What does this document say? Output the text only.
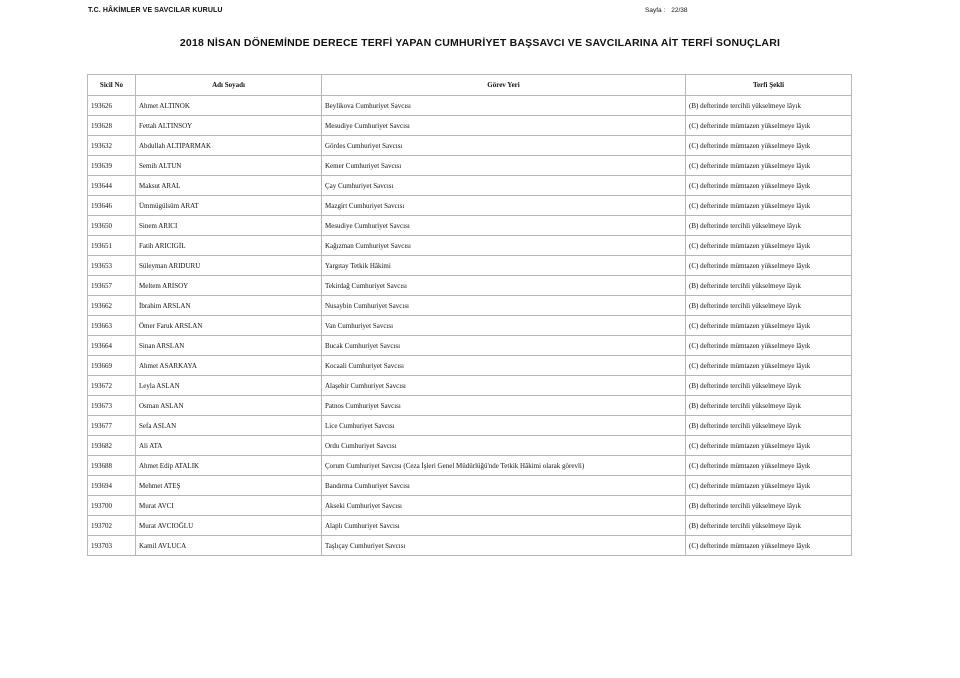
T.C. HÂKİMLER VE SAVCILAR KURULU	Sayfa : 22/38
2018 NİSAN DÖNEMİNDE DERECE TERFİ YAPAN CUMHURİYET BAŞSAVCI VE SAVCILARINA AİT TERFİ SONUÇLARI
Sicil No	Adı Soyadı	Görev Yeri	Terfi Şekli
193626	Ahmet ALTINOK	Beylikova Cumhuriyet Savcısı	(B) defterinde tercihli yükselmeye lâyık
193628	Fettah ALTINSOY	Mesudiye Cumhuriyet Savcısı	(C) defterinde mümtazen yükselmeye lâyık
193632	Abdullah ALTIPARMAK	Gördes Cumhuriyet Savcısı	(C) defterinde mümtazen yükselmeye lâyık
193639	Semih ALTUN	Kemer Cumhuriyet Savcısı	(C) defterinde mümtazen yükselmeye lâyık
193644	Maksut ARAL	Çay Cumhuriyet Savcısı	(C) defterinde mümtazen yükselmeye lâyık
193646	Ümmügülsüm ARAT	Mazgirt Cumhuriyet Savcısı	(C) defterinde mümtazen yükselmeye lâyık
193650	Sinem ARICI	Mesudiye Cumhuriyet Savcısı	(B) defterinde tercihli yükselmeye lâyık
193651	Fatih ARICIGİL	Kağızman Cumhuriyet Savcısı	(C) defterinde mümtazen yükselmeye lâyık
193653	Süleyman ARIDURU	Yargıtay Tetkik Hâkimi	(C) defterinde mümtazen yükselmeye lâyık
193657	Meltem ARISOY	Tekirdağ Cumhuriyet Savcısı	(B) defterinde tercihli yükselmeye lâyık
193662	İbrahim ARSLAN	Nusaybin Cumhuriyet Savcısı	(B) defterinde tercihli yükselmeye lâyık
193663	Ömer Faruk ARSLAN	Van Cumhuriyet Savcısı	(C) defterinde mümtazen yükselmeye lâyık
193664	Sinan ARSLAN	Bucak Cumhuriyet Savcısı	(C) defterinde mümtazen yükselmeye lâyık
193669	Ahmet ASARKAYA	Kocaali Cumhuriyet Savcısı	(C) defterinde mümtazen yükselmeye lâyık
193672	Leyla ASLAN	Alaşehir Cumhuriyet Savcısı	(B) defterinde tercihli yükselmeye lâyık
193673	Osman ASLAN	Patnos Cumhuriyet Savcısı	(B) defterinde tercihli yükselmeye lâyık
193677	Sefa ASLAN	Lice Cumhuriyet Savcısı	(B) defterinde tercihli yükselmeye lâyık
193682	Ali ATA	Ordu Cumhuriyet Savcısı	(C) defterinde mümtazen yükselmeye lâyık
193688	Ahmet Edip ATALIK	Çorum Cumhuriyet Savcısı (Ceza İşleri Genel Müdürlüğü'nde Tetkik Hâkimi olarak görevli)	(C) defterinde mümtazen yükselmeye lâyık
193694	Mehmet ATEŞ	Bandırma Cumhuriyet Savcısı	(C) defterinde mümtazen yükselmeye lâyık
193700	Murat AVCI	Akseki Cumhuriyet Savcısı	(B) defterinde tercihli yükselmeye lâyık
193702	Murat AVCIOĞLU	Alaplı Cumhuriyet Savcısı	(B) defterinde tercihli yükselmeye lâyık
193703	Kamil AVLUCA	Taşlıçay Cumhuriyet Savcısı	(C) defterinde mümtazen yükselmeye lâyık
